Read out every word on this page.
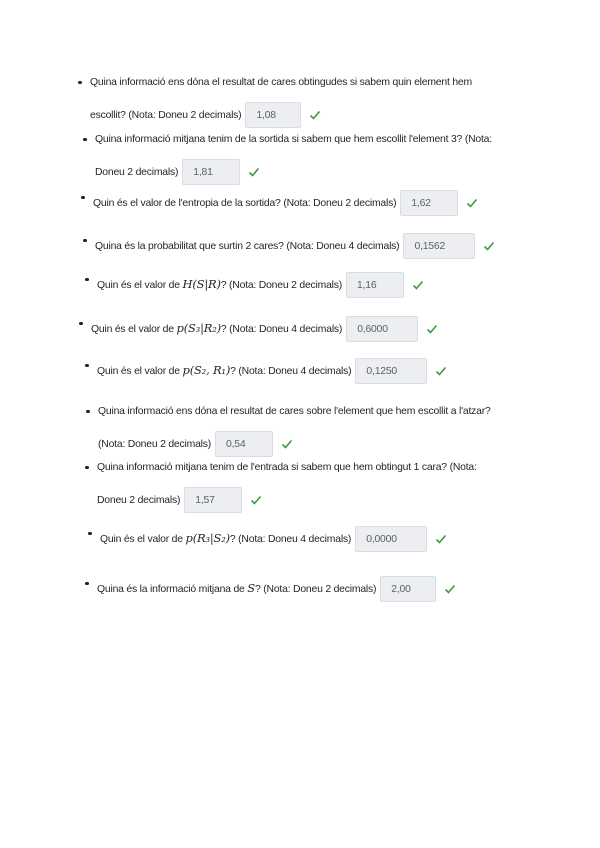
Quina informació ens dóna el resultat de cares obtingudes si sabem quin element hem
escollit? (Nota: Doneu 2 decimals) 1,08
Quina informació mitjana tenim de la sortida si sabem que hem escollit l'element 3? (Nota:
Doneu 2 decimals) 1,81
Quin és el valor de l'entropia de la sortida? (Nota: Doneu 2 decimals) 1,62
Quina és la probabilitat que surtin 2 cares? (Nota: Doneu 4 decimals) 0,1562
Quin és el valor de H(S|R)? (Nota: Doneu 2 decimals) 1,16
Quin és el valor de p(S₃|R₂)? (Nota: Doneu 4 decimals) 0,6000
Quin és el valor de p(S₂, R₁)? (Nota: Doneu 4 decimals) 0,1250
Quina informació ens dóna el resultat de cares sobre l'element que hem escollit a l'atzar?
(Nota: Doneu 2 decimals) 0,54
Quina informació mitjana tenim de l'entrada si sabem que hem obtingut 1 cara? (Nota:
Doneu 2 decimals) 1,57
Quin és el valor de p(R₃|S₂)? (Nota: Doneu 4 decimals) 0,0000
Quina és la informació mitjana de S? (Nota: Doneu 2 decimals) 2,00
